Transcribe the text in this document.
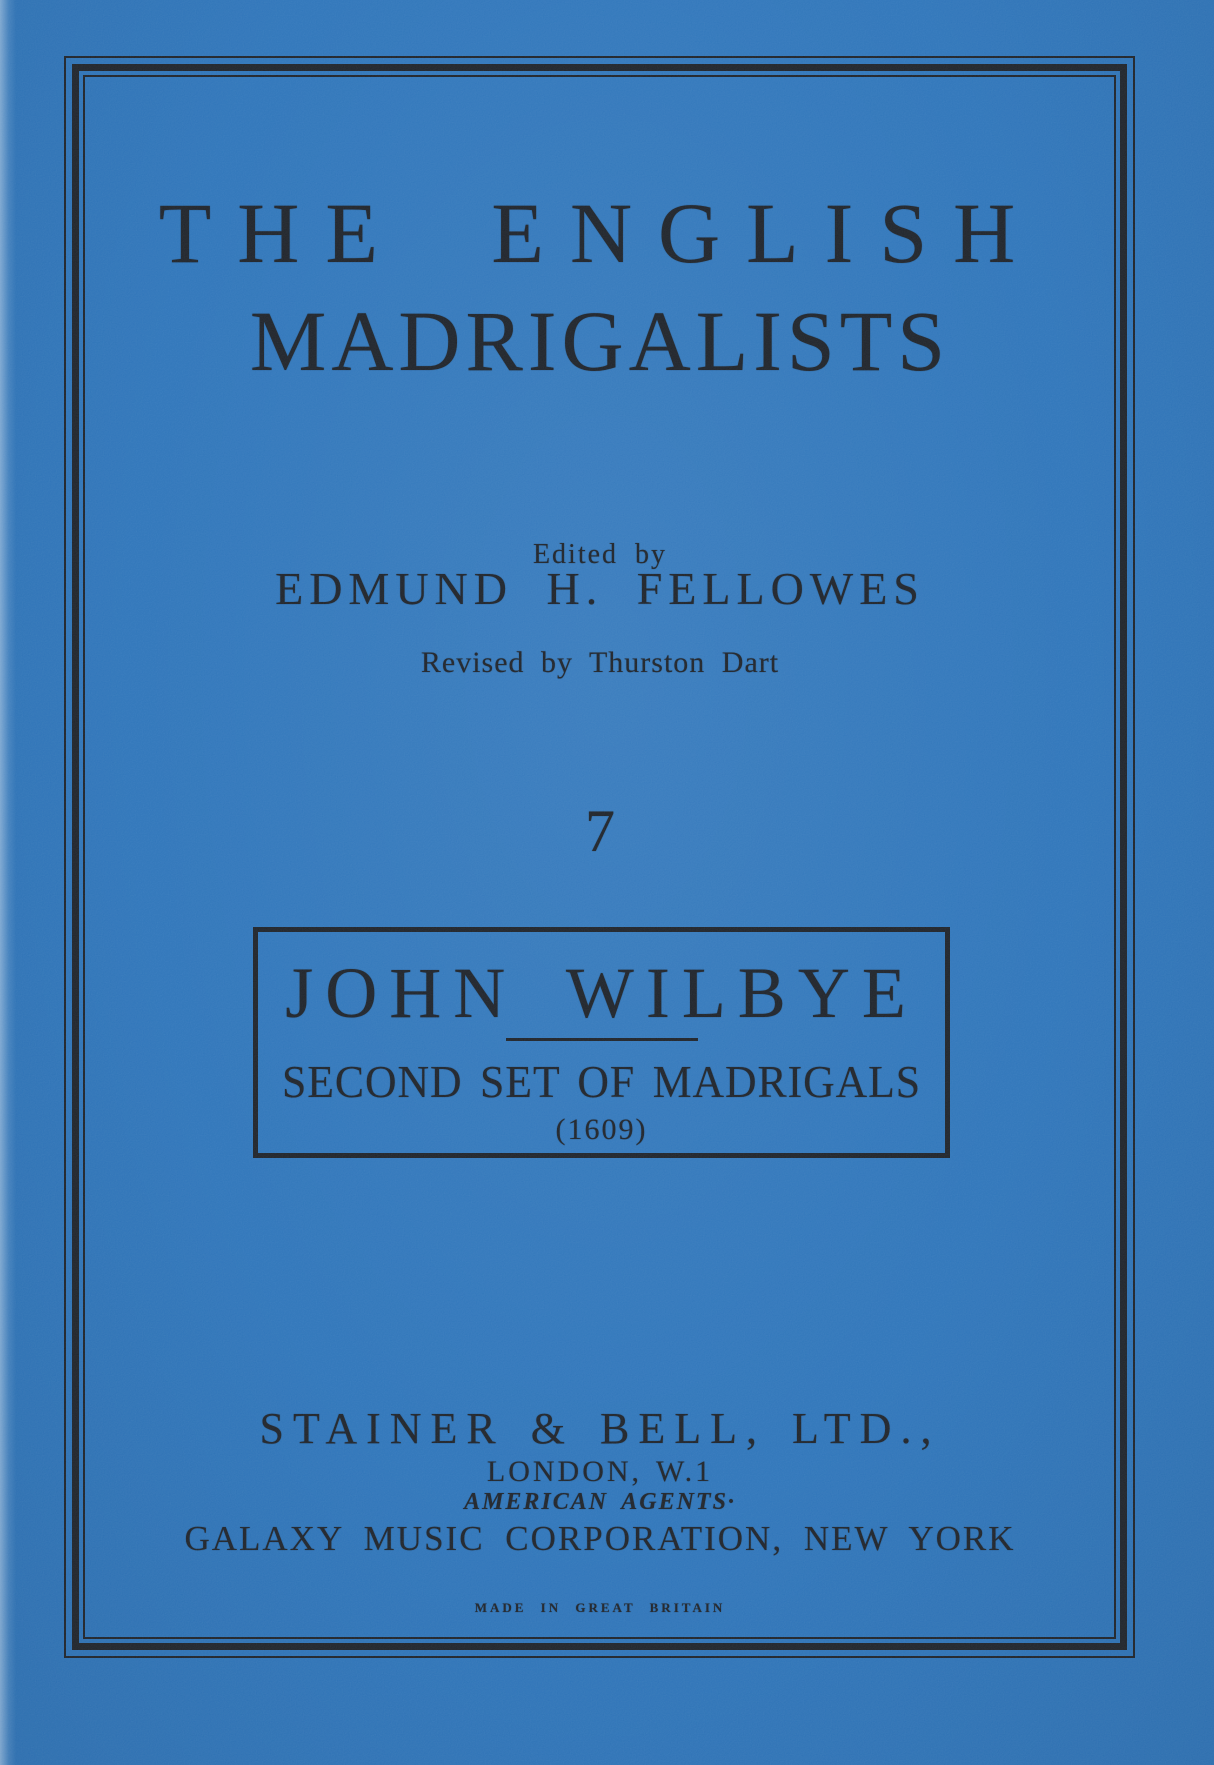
THE ENGLISH
MADRIGALISTS
Edited by
EDMUND H. FELLOWES
Revised by Thurston Dart
7
JOHN WILBYE
SECOND SET OF MADRIGALS
(1609)
STAINER & BELL, LTD.,
LONDON, W.1
AMERICAN AGENTS·
GALAXY MUSIC CORPORATION, NEW YORK
MADE IN GREAT BRITAIN
